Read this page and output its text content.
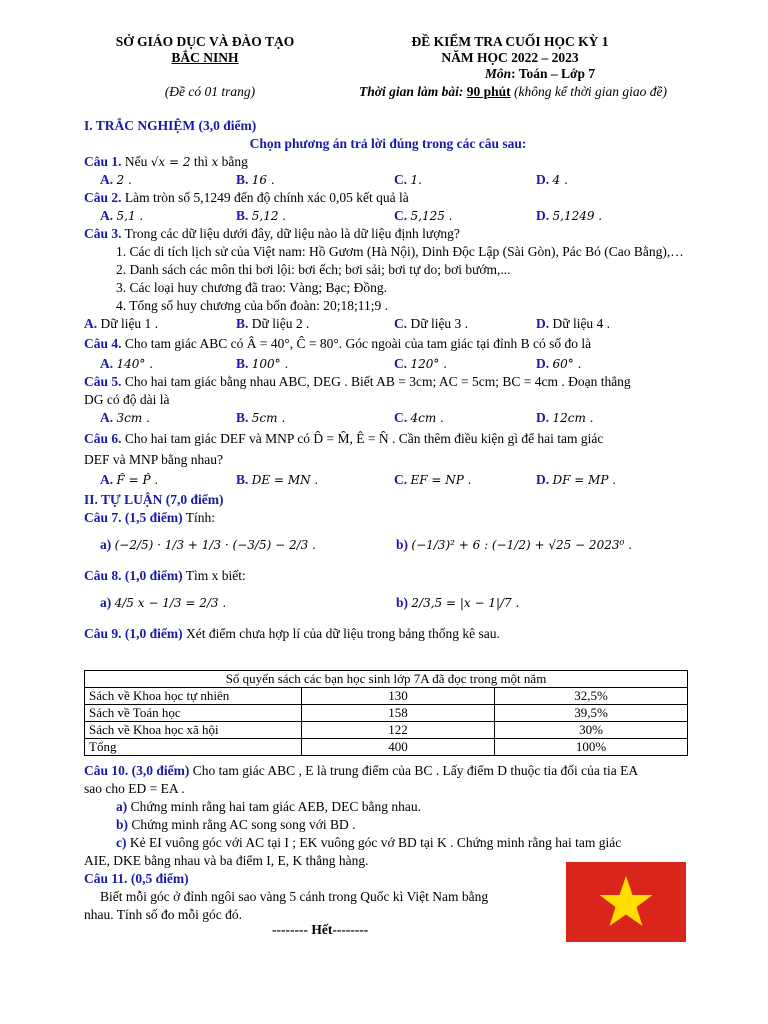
SỞ GIÁO DỤC VÀ ĐÀO TẠO
BẮC NINH
ĐỀ KIỂM TRA CUỐI HỌC KỲ 1
NĂM HỌC 2022 – 2023
Môn: Toán – Lớp 7
(Đề có 01 trang)	Thời gian làm bài: 90 phút (không kể thời gian giao đề)
I. TRẮC NGHIỆM (3,0 điểm)
Chọn phương án trả lời đúng trong các câu sau:
Câu 1. Nếu √x = 2 thì x bằng
A. 2 .	B. 16 .	C. 1.	D. 4 .
Câu 2. Làm tròn số 5,1249 đến độ chính xác 0,05 kết quả là
A. 5,1 .	B. 5,12 .	C. 5,125 .	D. 5,1249 .
Câu 3. Trong các dữ liệu dưới đây, dữ liệu nào là dữ liệu định lượng?
1. Các di tích lịch sử của Việt nam: Hồ Gươm (Hà Nội), Dinh Độc Lập (Sài Gòn), Pác Bó (Cao Bằng),…
2. Danh sách các môn thi bơi lội: bơi ếch; bơi sải; bơi tự do; bơi bướm,...
3. Các loại huy chương đã trao: Vàng; Bạc; Đồng.
4. Tổng số huy chương của bốn đoàn: 20;18;11;9 .
A. Dữ liệu 1 .	B. Dữ liệu 2 .	C. Dữ liệu 3 .	D. Dữ liệu 4 .
Câu 4. Cho tam giác ABC có Â = 40°, Ĉ = 80°. Góc ngoài của tam giác tại đỉnh B có số đo là
A. 140° .	B. 100° .	C. 120° .	D. 60° .
Câu 5. Cho hai tam giác bằng nhau ABC, DEG . Biết AB = 3cm; AC = 5cm; BC = 4cm . Đoạn thẳng
DG có độ dài là
A. 3cm .	B. 5cm .	C. 4cm .	D. 12cm .
Câu 6. Cho hai tam giác DEF và MNP có D̂ = M̂, Ê = N̂ . Cần thêm điều kiện gì để hai tam giác
DEF và MNP bằng nhau?
A. F̂ = P̂ .	B. DE = MN .	C. EF = NP .	D. DF = MP .
II. TỰ LUẬN (7,0 điểm)
Câu 7. (1,5 điểm) Tính:
a) (−2/5) · 1/3 + 1/3 · (−3/5) − 2/3 .	b) (−1/3)² + 6 : (−1/2) + √25 − 2023⁰ .
Câu 8. (1,0 điểm) Tìm x biết:
a) 4/5 x − 1/3 = 2/3 .	b) 2/3,5 = |x − 1|/7 .
Câu 9. (1,0 điểm) Xét điểm chưa hợp lí của dữ liệu trong bảng thống kê sau.
Số quyển sách các bạn học sinh lớp 7A đã đọc trong một năm		
Sách về Khoa học tự nhiên	130	32,5%
Sách về Toán học	158	39,5%
Sách về Khoa học xã hội	122	30%
Tổng	400	100%
Câu 10. (3,0 điểm) Cho tam giác ABC , E là trung điểm của BC . Lấy điểm D thuộc tia đối của tia EA
sao cho ED = EA .
a) Chứng minh rằng hai tam giác AEB, DEC bằng nhau.
b) Chứng minh rằng AC song song với BD .
c) Kẻ EI vuông góc với AC tại I ; EK vuông góc vớ BD tại K . Chứng minh rằng hai tam giác
AIE, DKE bằng nhau và ba điểm I, E, K thẳng hàng.
Câu 11. (0,5 điểm)
Biết mỗi góc ở đỉnh ngôi sao vàng 5 cánh trong Quốc kì Việt Nam bằng
nhau. Tính số đo mỗi góc đó.
-------- Hết--------
